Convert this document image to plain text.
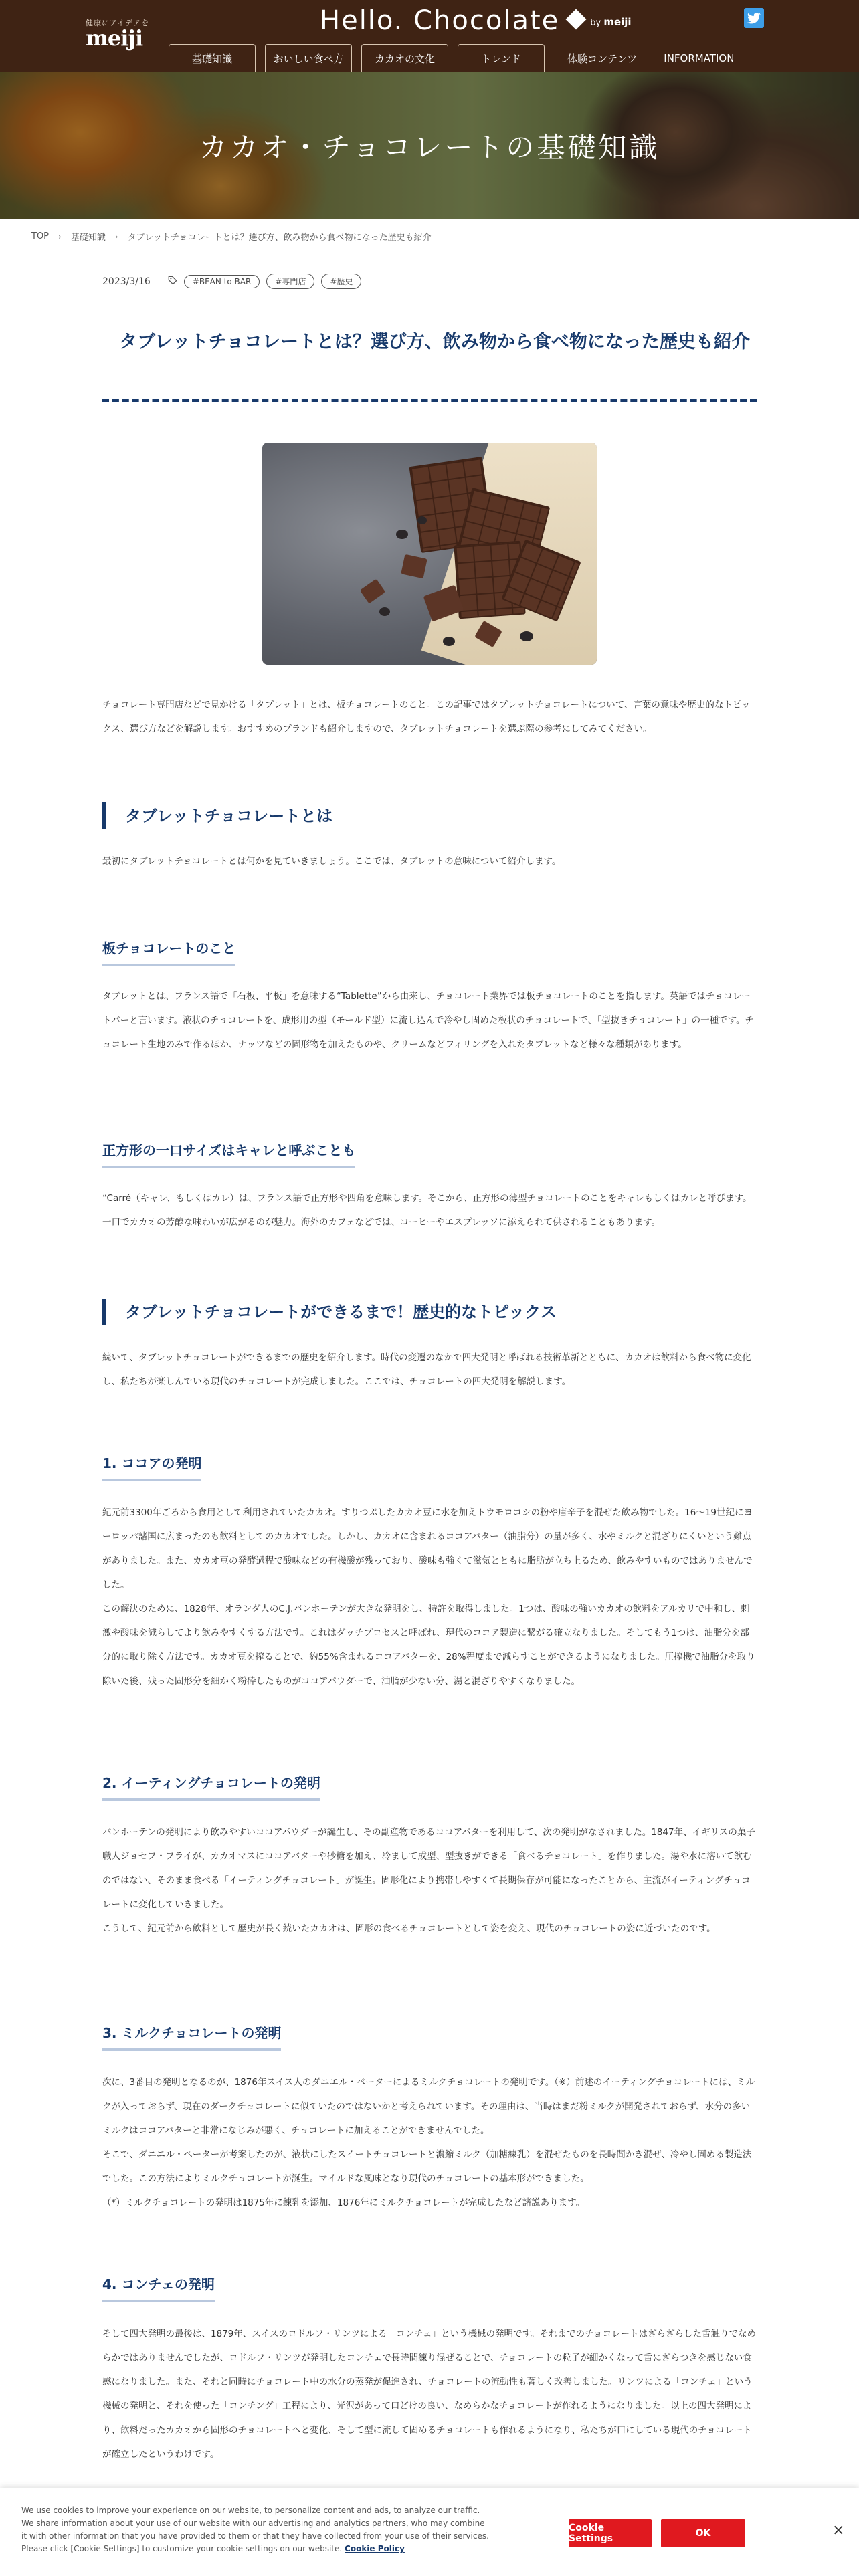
健康にアイデアを
meiji
Hello. Chocolate	by meiji
基礎知識	おいしい食べ方	カカオの文化	トレンド	体験コンテンツ	INFORMATION
カカオ・チョコレートの基礎知識
TOP › 基礎知識 › タブレットチョコレートとは？選び方、飲み物から食べ物になった歴史も紹介
2023/3/16	#BEAN to BAR	#専門店	#歴史
タブレットチョコレートとは？選び方、飲み物から食べ物になった歴史も紹介

チョコレート専門店などで見かける「タブレット」とは、板チョコレートのこと。この記事ではタブレットチョコレートについて、言葉の意味や歴史的なトピックス、選び方などを解説します。おすすめのブランドも紹介しますので、タブレットチョコレートを選ぶ際の参考にしてみてください。

タブレットチョコレートとは

最初にタブレットチョコレートとは何かを見ていきましょう。ここでは、タブレットの意味について紹介します。

板チョコレートのこと

タブレットとは、フランス語で「石板、平板」を意味する“Tablette”から由来し、チョコレート業界では板チョコレートのことを指します。英語ではチョコレートバーと言います。液状のチョコレートを、成形用の型（モールド型）に流し込んで冷やし固めた板状のチョコレートで、「型抜きチョコレート」の一種です。チョコレート生地のみで作るほか、ナッツなどの固形物を加えたものや、クリームなどフィリングを入れたタブレットなど様々な種類があります。

正方形の一口サイズはキャレと呼ぶことも

“Carré（キャレ、もしくはカレ）は、フランス語で正方形や四角を意味します。そこから、正方形の薄型チョコレートのことをキャレもしくはカレと呼びます。一口でカカオの芳醇な味わいが広がるのが魅力。海外のカフェなどでは、コーヒーやエスプレッソに添えられて供されることもあります。

タブレットチョコレートができるまで！歴史的なトピックス

続いて、タブレットチョコレートができるまでの歴史を紹介します。時代の変遷のなかで四大発明と呼ばれる技術革新とともに、カカオは飲料から食べ物に変化し、私たちが楽しんでいる現代のチョコレートが完成しました。ここでは、チョコレートの四大発明を解説します。

1. ココアの発明

紀元前3300年ごろから食用として利用されていたカカオ。すりつぶしたカカオ豆に水を加えトウモロコシの粉や唐辛子を混ぜた飲み物でした。16～19世紀にヨーロッパ諸国に広まったのも飲料としてのカカオでした。しかし、カカオに含まれるココアバター（油脂分）の量が多く、水やミルクと混ざりにくいという難点がありました。また、カカオ豆の発酵過程で酸味などの有機酸が残っており、酸味も強くて滋気とともに脂肪が立ち上るため、飲みやすいものではありませんでした。

この解決のために、1828年、オランダ人のC.J.バンホーテンが大きな発明をし、特許を取得しました。1つは、酸味の強いカカオの飲料をアルカリで中和し、刺激や酸味を減らしてより飲みやすくする方法です。これはダッチプロセスと呼ばれ、現代のココア製造に繋がる確立なりました。そしてもう1つは、油脂分を部分的に取り除く方法です。カカオ豆を搾ることで、約55%含まれるココアバターを、28%程度まで減らすことができるようになりました。圧搾機で油脂分を取り除いた後、残った固形分を細かく粉砕したものがココアパウダーで、油脂が少ない分、湯と混ざりやすくなりました。

2. イーティングチョコレートの発明

バンホーテンの発明により飲みやすいココアパウダーが誕生し、その副産物であるココアバターを利用して、次の発明がなされました。1847年、イギリスの菓子職人ジョセフ・フライが、カカオマスにココアバターや砂糖を加え、冷まして成型、型抜きができる「食べるチョコレート」を作りました。湯や水に溶いて飲むのではない、そのまま食べる「イーティングチョコレート」が誕生。固形化により携帯しやすくて長期保存が可能になったことから、主流がイーティングチョコレートに変化していきました。

こうして、紀元前から飲料として歴史が長く続いたカカオは、固形の食べるチョコレートとして姿を変え、現代のチョコレートの姿に近づいたのです。

3. ミルクチョコレートの発明

次に、3番目の発明となるのが、1876年スイス人のダニエル・ペーターによるミルクチョコレートの発明です。（※）前述のイーティングチョコレートには、ミルクが入っておらず、現在のダークチョコレートに似ていたのではないかと考えられています。その理由は、当時はまだ粉ミルクが開発されておらず、水分の多いミルクはココアバターと非常になじみが悪く、チョコレートに加えることができませんでした。

そこで、ダニエル・ペーターが考案したのが、液状にしたスイートチョコレートと濃縮ミルク（加糖練乳）を混ぜたものを長時間かき混ぜ、冷やし固める製造法でした。この方法によりミルクチョコレートが誕生。マイルドな風味となり現代のチョコレートの基本形ができました。

（*）ミルクチョコレートの発明は1875年に練乳を添加、1876年にミルクチョコレートが完成したなど諸説あります。

4. コンチェの発明

そして四大発明の最後は、1879年、スイスのロドルフ・リンツによる「コンチェ」という機械の発明です。それまでのチョコレートはざらざらした舌触りでなめらかではありませんでしたが、ロドルフ・リンツが発明したコンチェで長時間練り混ぜることで、チョコレートの粒子が細かくなって舌にざらつきを感じない食感になりました。また、それと同時にチョコレート中の水分の蒸発が促進され、チョコレートの流動性も著しく改善しました。リンツによる「コンチェ」という機械の発明と、それを使った「コンチング」工程により、光沢があって口どけの良い、なめらかなチョコレートが作れるようになりました。以上の四大発明により、飲料だったカカオから固形のチョコレートへと変化、そして型に流して固めるチョコレートも作れるようになり、私たちが口にしている現代のチョコレートが確立したというわけです。

We use cookies to improve your experience on our website, to personalize content and ads, to analyze our traffic. We share information about your use of our website with our advertising and analytics partners, who may combine it with other information that you have provided to them or that they have collected from your use of their services. Please click [Cookie Settings] to customize your cookie settings on our website. Cookie Policy
Cookie Settings	OK	×
